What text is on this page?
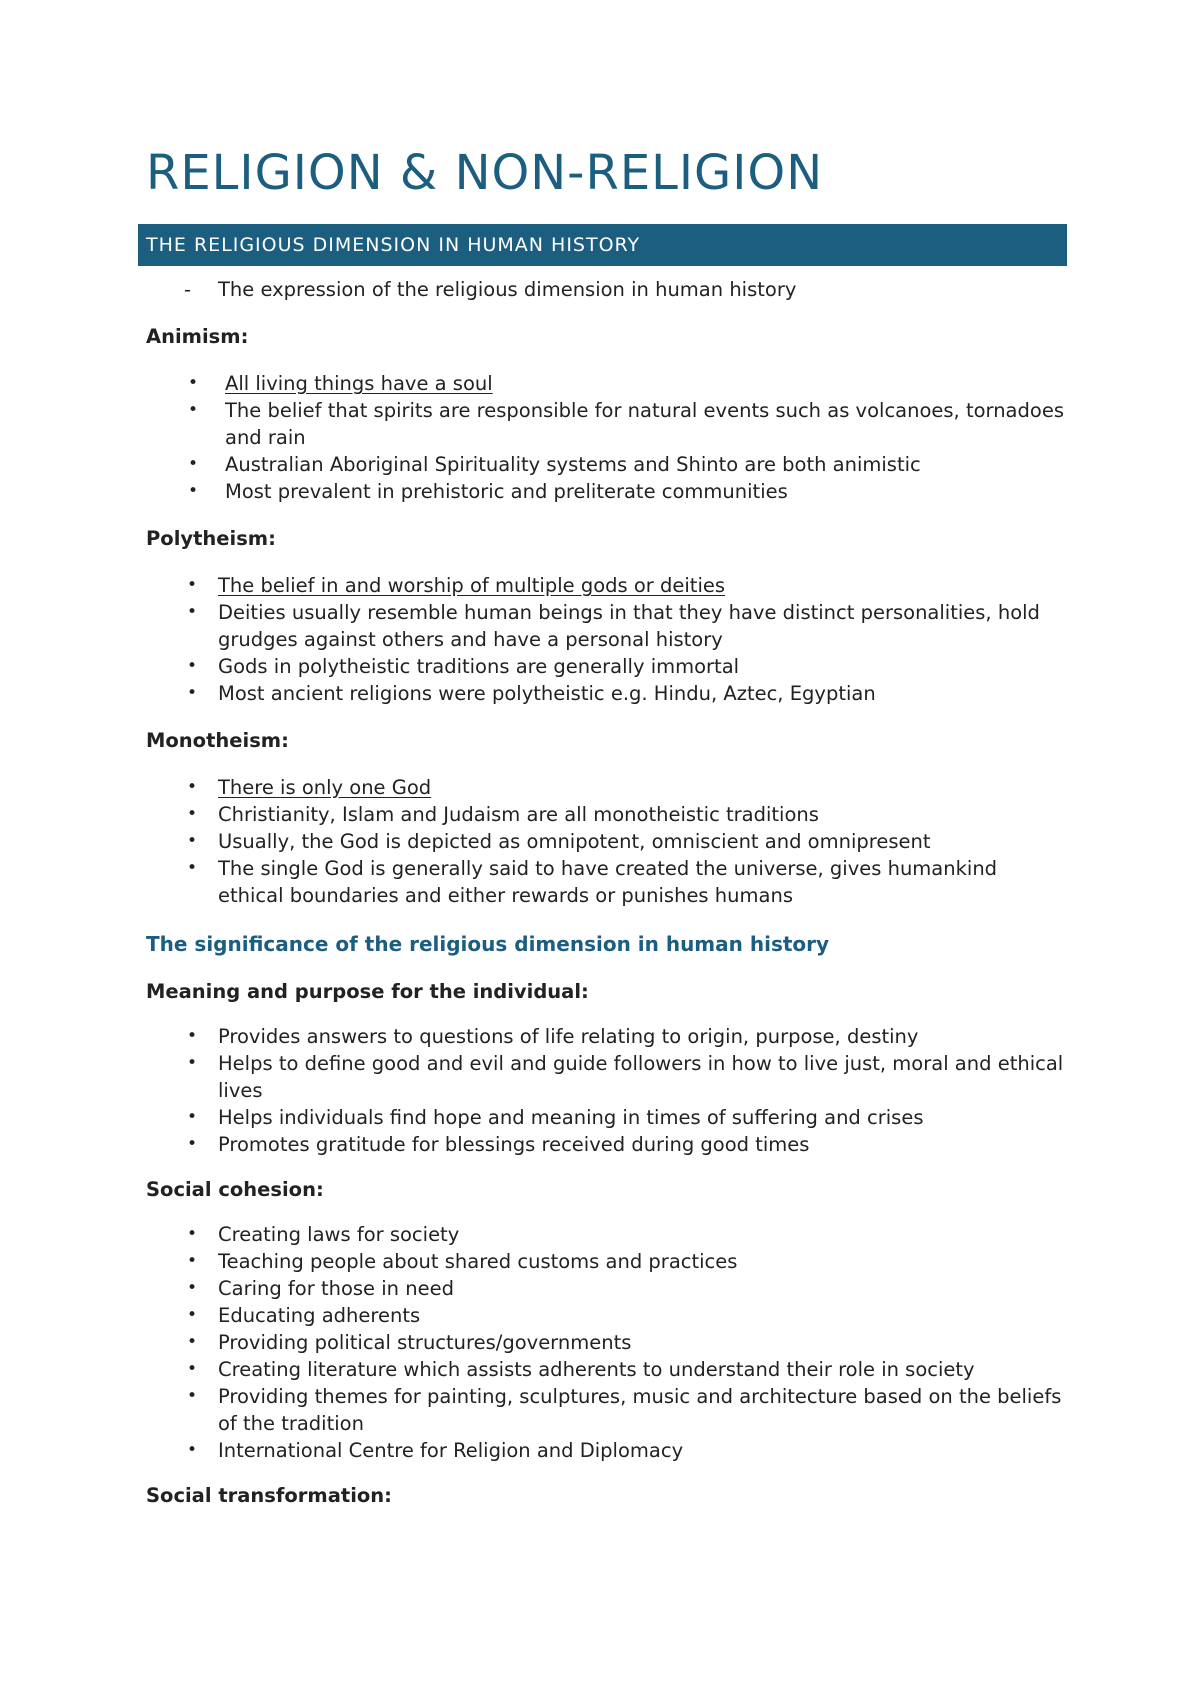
RELIGION & NON-RELIGION
THE RELIGIOUS DIMENSION IN HUMAN HISTORY
-	The expression of the religious dimension in human history
Animism:
• All living things have a soul
• The belief that spirits are responsible for natural events such as volcanoes, tornadoes and rain
• Australian Aboriginal Spirituality systems and Shinto are both animistic
• Most prevalent in prehistoric and preliterate communities
Polytheism:
• The belief in and worship of multiple gods or deities
• Deities usually resemble human beings in that they have distinct personalities, hold grudges against others and have a personal history
• Gods in polytheistic traditions are generally immortal
• Most ancient religions were polytheistic e.g. Hindu, Aztec, Egyptian
Monotheism:
• There is only one God
• Christianity, Islam and Judaism are all monotheistic traditions
• Usually, the God is depicted as omnipotent, omniscient and omnipresent
• The single God is generally said to have created the universe, gives humankind ethical boundaries and either rewards or punishes humans
The significance of the religious dimension in human history
Meaning and purpose for the individual:
• Provides answers to questions of life relating to origin, purpose, destiny
• Helps to define good and evil and guide followers in how to live just, moral and ethical lives
• Helps individuals find hope and meaning in times of suffering and crises
• Promotes gratitude for blessings received during good times
Social cohesion:
• Creating laws for society
• Teaching people about shared customs and practices
• Caring for those in need
• Educating adherents
• Providing political structures/governments
• Creating literature which assists adherents to understand their role in society
• Providing themes for painting, sculptures, music and architecture based on the beliefs of the tradition
• International Centre for Religion and Diplomacy
Social transformation:
